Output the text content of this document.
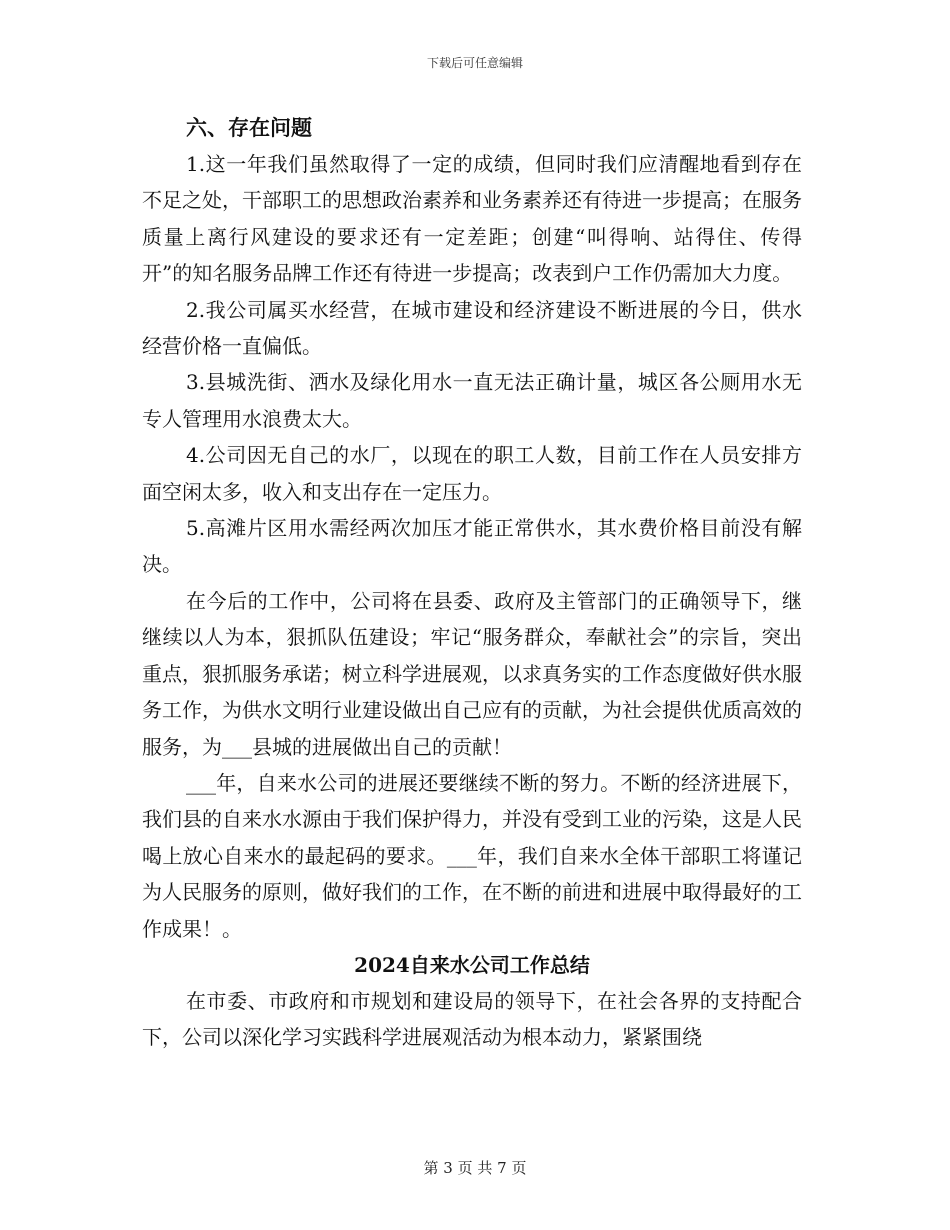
下载后可任意编辑
六、存在问题

1.这一年我们虽然取得了一定的成绩，但同时我们应清醒地看到存在不足之处，干部职工的思想政治素养和业务素养还有待进一步提高；在服务质量上离行风建设的要求还有一定差距；创建“叫得响、站得住、传得开”的知名服务品牌工作还有待进一步提高；改表到户工作仍需加大力度。

2.我公司属买水经营，在城市建设和经济建设不断进展的今日，供水经营价格一直偏低。

3.县城洗街、洒水及绿化用水一直无法正确计量，城区各公厕用水无专人管理用水浪费太大。

4.公司因无自己的水厂，以现在的职工人数，目前工作在人员安排方面空闲太多，收入和支出存在一定压力。

5.高滩片区用水需经两次加压才能正常供水，其水费价格目前没有解决。

在今后的工作中，公司将在县委、政府及主管部门的正确领导下，继继续以人为本，狠抓队伍建设；牢记“服务群众，奉献社会”的宗旨，突出重点，狠抓服务承诺；树立科学进展观，以求真务实的工作态度做好供水服务工作，为供水文明行业建设做出自己应有的贡献，为社会提供优质高效的服务，为___县城的进展做出自己的贡献！

___年，自来水公司的进展还要继续不断的努力。不断的经济进展下，我们县的自来水水源由于我们保护得力，并没有受到工业的污染，这是人民喝上放心自来水的最起码的要求。___年，我们自来水全体干部职工将谨记为人民服务的原则，做好我们的工作，在不断的前进和进展中取得最好的工作成果！。

2024自来水公司工作总结

在市委、市政府和市规划和建设局的领导下，在社会各界的支持配合下，公司以深化学习实践科学进展观活动为根本动力，紧紧围绕

第 3 页 共 7 页
